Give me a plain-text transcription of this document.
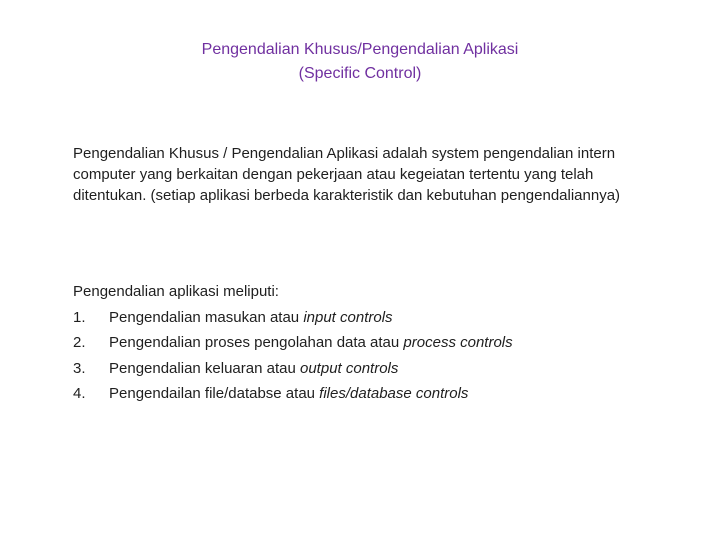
Pengendalian Khusus/Pengendalian Aplikasi
(Specific Control)
Pengendalian Khusus / Pengendalian Aplikasi adalah system pengendalian intern computer yang berkaitan dengan pekerjaan atau kegeiatan tertentu yang telah ditentukan. (setiap aplikasi berbeda karakteristik dan kebutuhan pengendaliannya)
Pengendalian aplikasi meliputi:
1.	Pengendalian masukan atau input controls
2.	Pengendalian proses pengolahan data atau process controls
3.	Pengendalian keluaran atau output controls
4.	Pengendailan file/databse atau files/database controls
